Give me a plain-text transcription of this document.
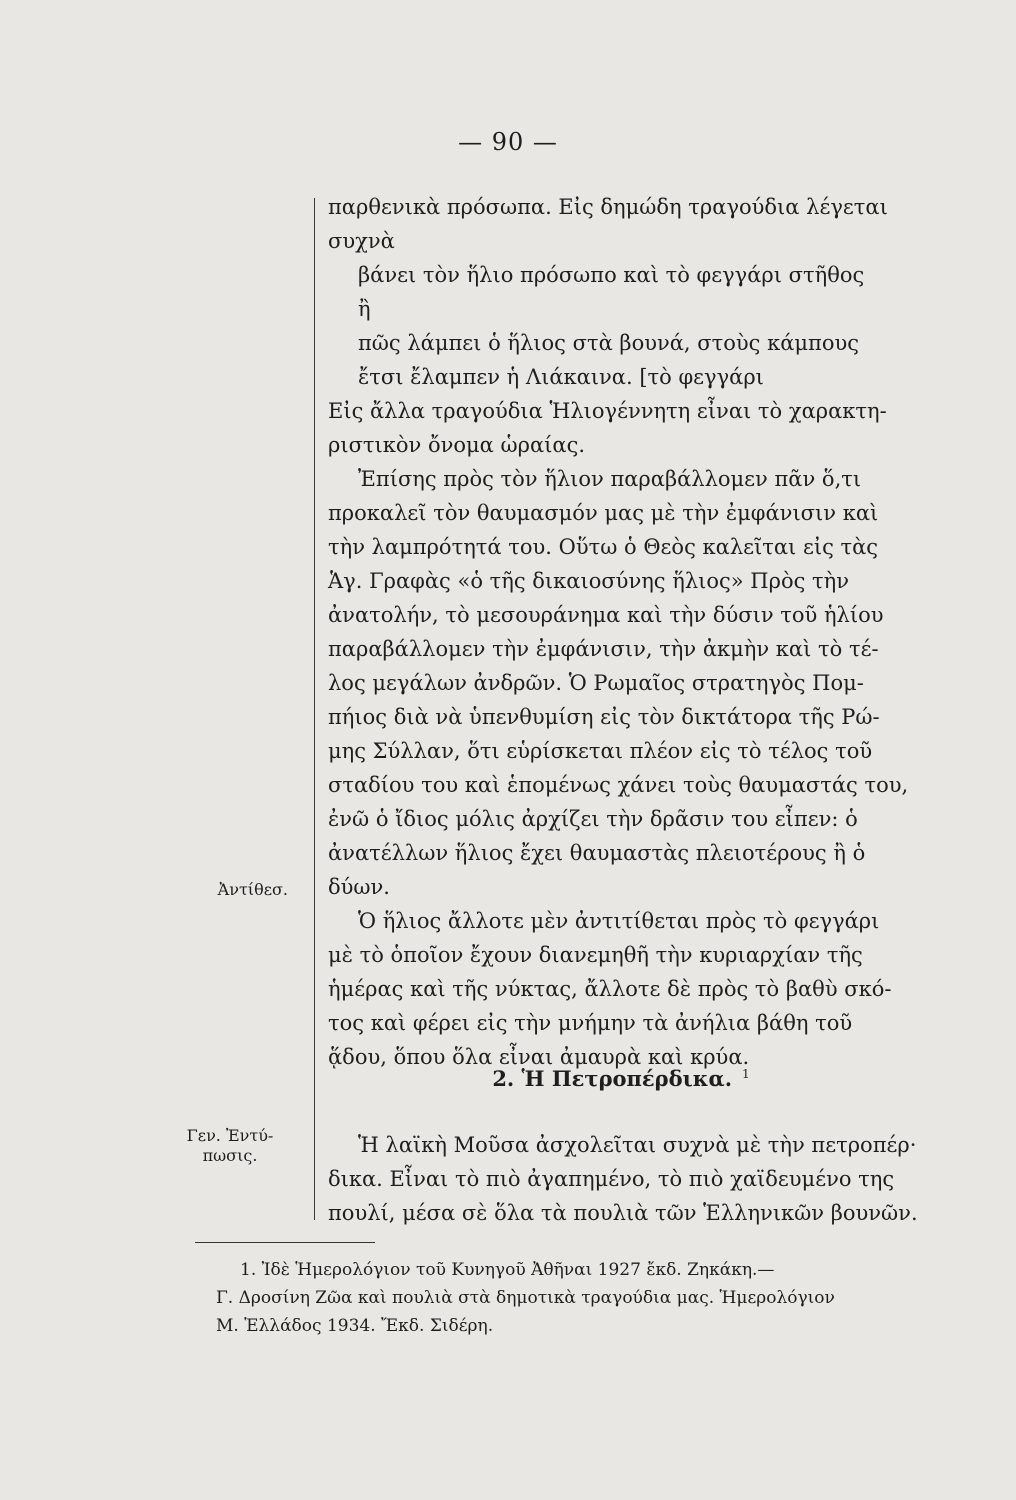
— 90 —
παρθενικὰ πρόσωπα. Εἰς δημώδη τραγούδια λέγεται
συχνὰ
βάνει τὸν ἥλιο πρόσωπο καὶ τὸ φεγγάρι στῆθος
ἢ
πῶς λάμπει ὁ ἥλιος στὰ βουνά, στοὺς κάμπους
ἔτσι ἔλαμπεν ἡ Λιάκαινα. [τὸ φεγγάρι
Εἰς ἄλλα τραγούδια Ἡλιογέννητη εἶναι τὸ χαρακτη-
ριστικὸν ὄνομα ὡραίας.
Ἐπίσης πρὸς τὸν ἥλιον παραβάλλομεν πᾶν ὅ,τι
προκαλεῖ τὸν θαυμασμόν μας μὲ τὴν ἐμφάνισιν καὶ
τὴν λαμπρότητά του. Οὕτω ὁ Θεὸς καλεῖται εἰς τὰς
Ἁγ. Γραφὰς «ὁ τῆς δικαιοσύνης ἥλιος» Πρὸς τὴν
ἀνατολήν, τὸ μεσουράνημα καὶ τὴν δύσιν τοῦ ἡλίου
παραβάλλομεν τὴν ἐμφάνισιν, τὴν ἀκμὴν καὶ τὸ τέ-
λος μεγάλων ἀνδρῶν. Ὁ Ρωμαῖος στρατηγὸς Πομ-
πήιος διὰ νὰ ὑπενθυμίση εἰς τὸν δικτάτορα τῆς Ρώ-
μης Σύλλαν, ὅτι εὑρίσκεται πλέον εἰς τὸ τέλος τοῦ
σταδίου του καὶ ἑπομένως χάνει τοὺς θαυμαστάς του,
ἐνῶ ὁ ἴδιος μόλις ἀρχίζει τὴν δρᾶσιν του εἶπεν: ὁ
ἀνατέλλων ἥλιος ἔχει θαυμαστὰς πλειοτέρους ἢ ὁ
δύων.
Ὁ ἥλιος ἄλλοτε μὲν ἀντιτίθεται πρὸς τὸ φεγγάρι
μὲ τὸ ὁποῖον ἔχουν διανεμηθῆ τὴν κυριαρχίαν τῆς
ἡμέρας καὶ τῆς νύκτας, ἄλλοτε δὲ πρὸς τὸ βαθὺ σκό-
τος καὶ φέρει εἰς τὴν μνήμην τὰ ἀνήλια βάθη τοῦ
ᾅδου, ὅπου ὅλα εἶναι ἀμαυρὰ καὶ κρύα.
Ἀντίθεσ.
Γεν. Ἐντύ-
πωσις.
2. Ἡ Πετροπέρδικα. $^1$
Ἡ λαϊκὴ Μοῦσα ἀσχολεῖται συχνὰ μὲ τὴν πετροπέρ·
δικα. Εἶναι τὸ πιὸ ἀγαπημένο, τὸ πιὸ χαϊδευμένο της
πουλί, μέσα σὲ ὅλα τὰ πουλιὰ τῶν Ἑλληνικῶν βουνῶν.
1. Ἰδὲ Ἡμερολόγιον τοῦ Κυνηγοῦ Ἀθῆναι 1927 ἔκδ. Ζηκάκη.—
Γ. Δροσίνη Ζῶα καὶ πουλιὰ στὰ δημοτικὰ τραγούδια μας. Ἡμερολόγιον
Μ. Ἑλλάδος 1934. Ἔκδ. Σιδέρη.
